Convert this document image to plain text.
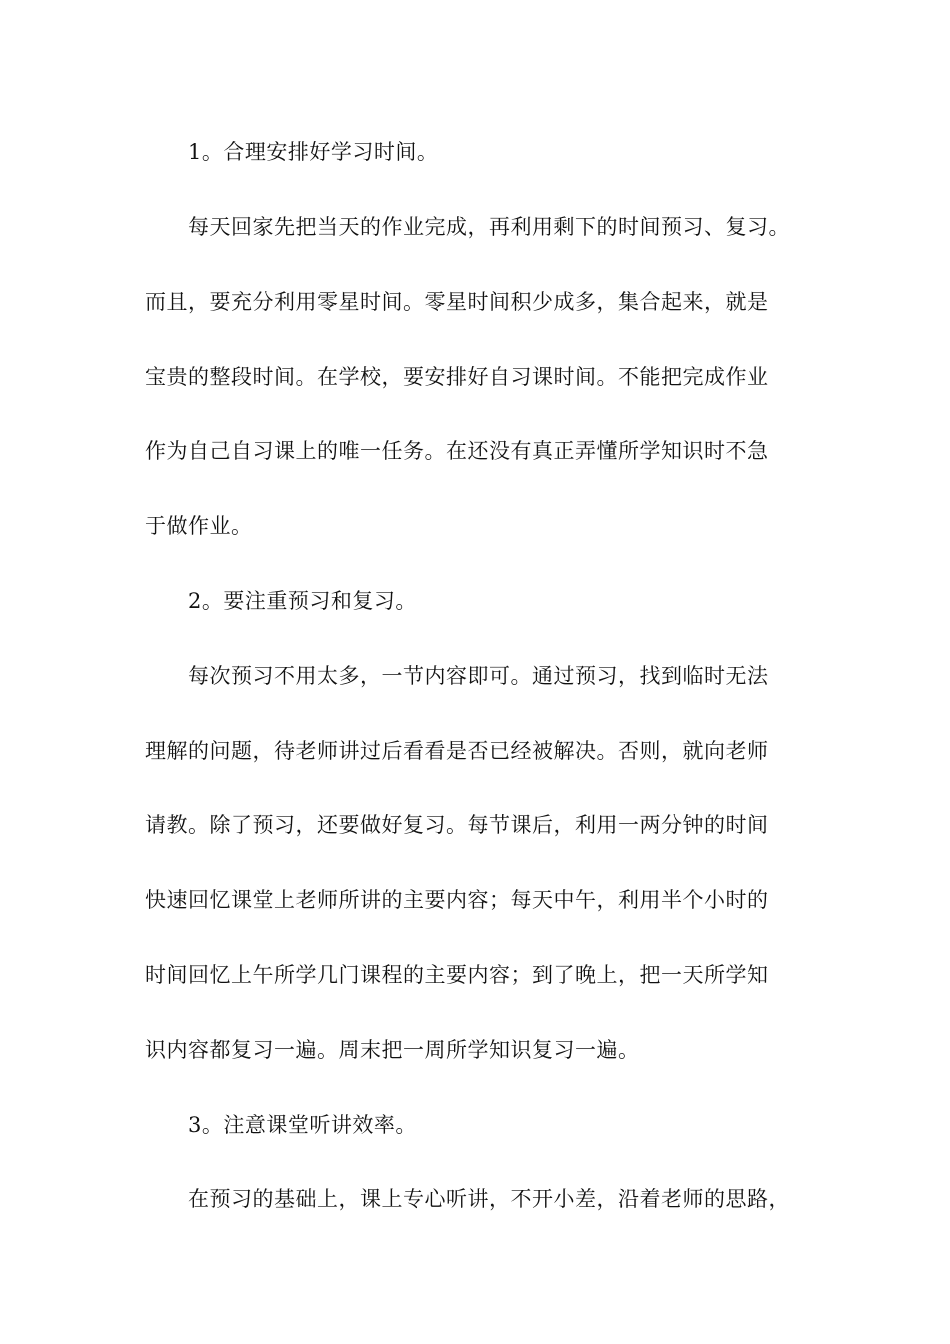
1。合理安排好学习时间。
每天回家先把当天的作业完成，再利用剩下的时间预习、复习。
而且，要充分利用零星时间。零星时间积少成多，集合起来，就是
宝贵的整段时间。在学校，要安排好自习课时间。不能把完成作业
作为自己自习课上的唯一任务。在还没有真正弄懂所学知识时不急
于做作业。
2。要注重预习和复习。
每次预习不用太多，一节内容即可。通过预习，找到临时无法
理解的问题，待老师讲过后看看是否已经被解决。否则，就向老师
请教。除了预习，还要做好复习。每节课后，利用一两分钟的时间
快速回忆课堂上老师所讲的主要内容；每天中午，利用半个小时的
时间回忆上午所学几门课程的主要内容；到了晚上，把一天所学知
识内容都复习一遍。周末把一周所学知识复习一遍。
3。注意课堂听讲效率。
在预习的基础上，课上专心听讲，不开小差，沿着老师的思路，
